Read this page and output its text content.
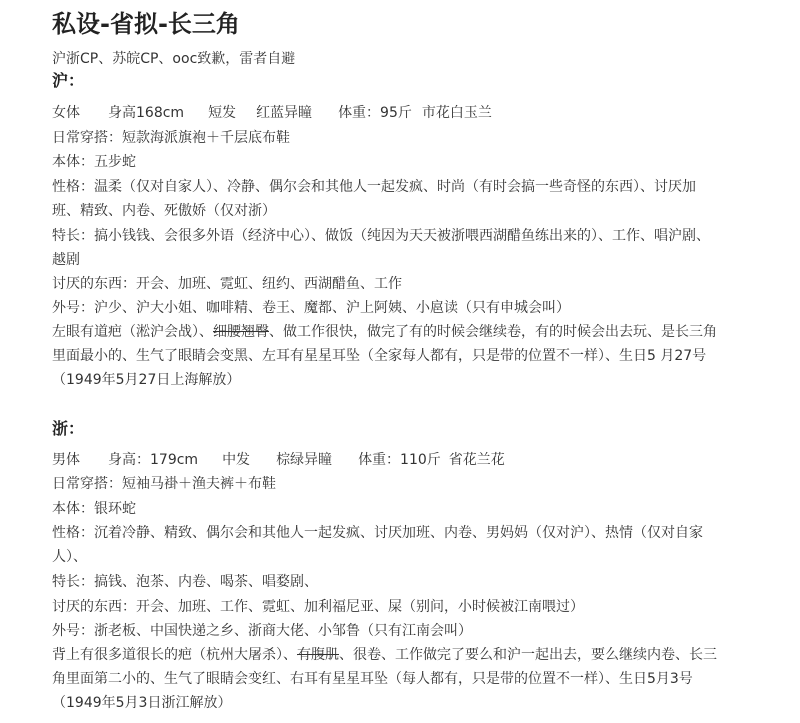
私设-省拟-长三角
沪浙CP、苏皖CP、ooc致歉，雷者自避
沪：
女体 身高168cm 短发 红蓝异瞳 体重：95斤 市花白玉兰
日常穿搭：短款海派旗袍＋千层底布鞋
本体：五步蛇
性格：温柔（仅对自家人）、冷静、偶尔会和其他人一起发疯、时尚（有时会搞一些奇怪的东西）、讨厌加
班、精致、内卷、死傲娇（仅对浙）
特长：搞小钱钱、会很多外语（经济中心）、做饭（纯因为天天被浙喂西湖醋鱼练出来的）、工作、唱沪剧、
越剧
讨厌的东西：开会、加班、霓虹、纽约、西湖醋鱼、工作
外号：沪少、沪大小姐、咖啡精、卷王、魔都、沪上阿姨、小扈读（只有申城会叫）
左眼有道疤（淞沪会战）、细腰翘臀、做工作很快，做完了有的时候会继续卷，有的时候会出去玩、是长三角
里面最小的、生气了眼睛会变黑、左耳有星星耳坠（全家每人都有，只是带的位置不一样）、生日5 月27号
（1949年5月27日上海解放）
浙：
男体 身高：179cm 中发 棕绿异瞳 体重：110斤 省花兰花
日常穿搭：短袖马褂＋渔夫裤＋布鞋
本体：银环蛇
性格：沉着冷静、精致、偶尔会和其他人一起发疯、讨厌加班、内卷、男妈妈（仅对沪）、热情（仅对自家
人）、
特长：搞钱、泡茶、内卷、喝茶、唱婺剧、
讨厌的东西：开会、加班、工作、霓虹、加利福尼亚、屎（别问，小时候被江南喂过）
外号：浙老板、中国快递之乡、浙商大佬、小邹鲁（只有江南会叫）
背上有很多道很长的疤（杭州大屠杀）、有腹肌、很卷、工作做完了要么和沪一起出去，要么继续内卷、长三
角里面第二小的、生气了眼睛会变红、右耳有星星耳坠（每人都有，只是带的位置不一样）、生日5月3号
（1949年5月3日浙江解放）
